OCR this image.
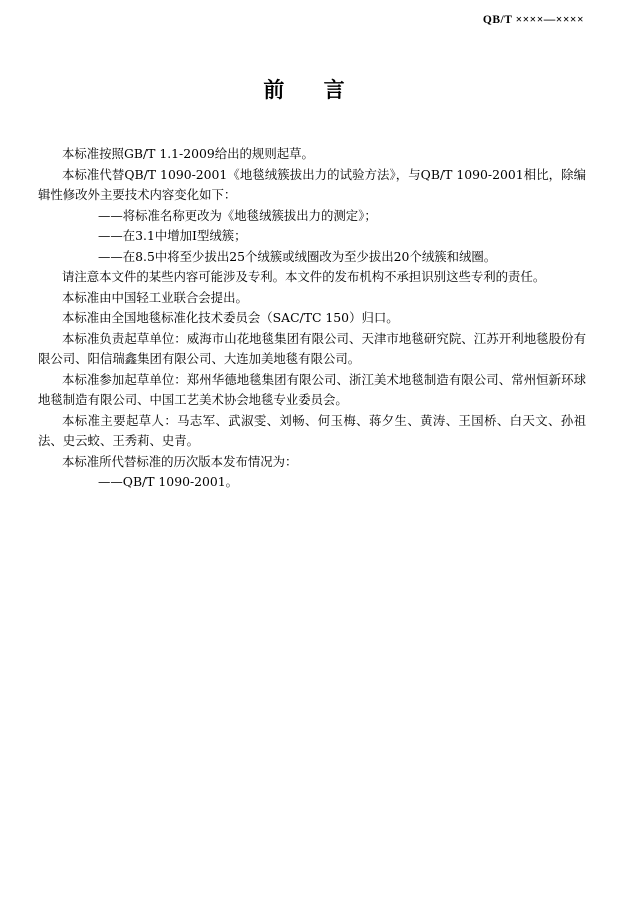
QB/T ××××—××××
前 言

本标准按照GB/T 1.1-2009给出的规则起草。

本标准代替QB/T 1090-2001《地毯绒簇拔出力的试验方法》，与QB/T 1090-2001相比，除编辑性修改外主要技术内容变化如下：

——将标准名称更改为《地毯绒簇拔出力的测定》；

——在3.1中增加Ⅰ型绒簇；

——在8.5中将至少拔出25个绒簇或绒圈改为至少拔出20个绒簇和绒圈。

请注意本文件的某些内容可能涉及专利。本文件的发布机构不承担识别这些专利的责任。

本标准由中国轻工业联合会提出。

本标准由全国地毯标准化技术委员会（SAC/TC 150）归口。

本标准负责起草单位：威海市山花地毯集团有限公司、天津市地毯研究院、江苏开利地毯股份有限公司、阳信瑞鑫集团有限公司、大连加美地毯有限公司。

本标准参加起草单位：郑州华德地毯集团有限公司、浙江美术地毯制造有限公司、常州恒新环球地毯制造有限公司、中国工艺美术协会地毯专业委员会。

本标准主要起草人：马志军、武淑雯、刘畅、何玉梅、蒋夕生、黄涛、王国桥、白天文、孙祖法、史云蛟、王秀莉、史青。

本标准所代替标准的历次版本发布情况为：

——QB/T 1090-2001。
